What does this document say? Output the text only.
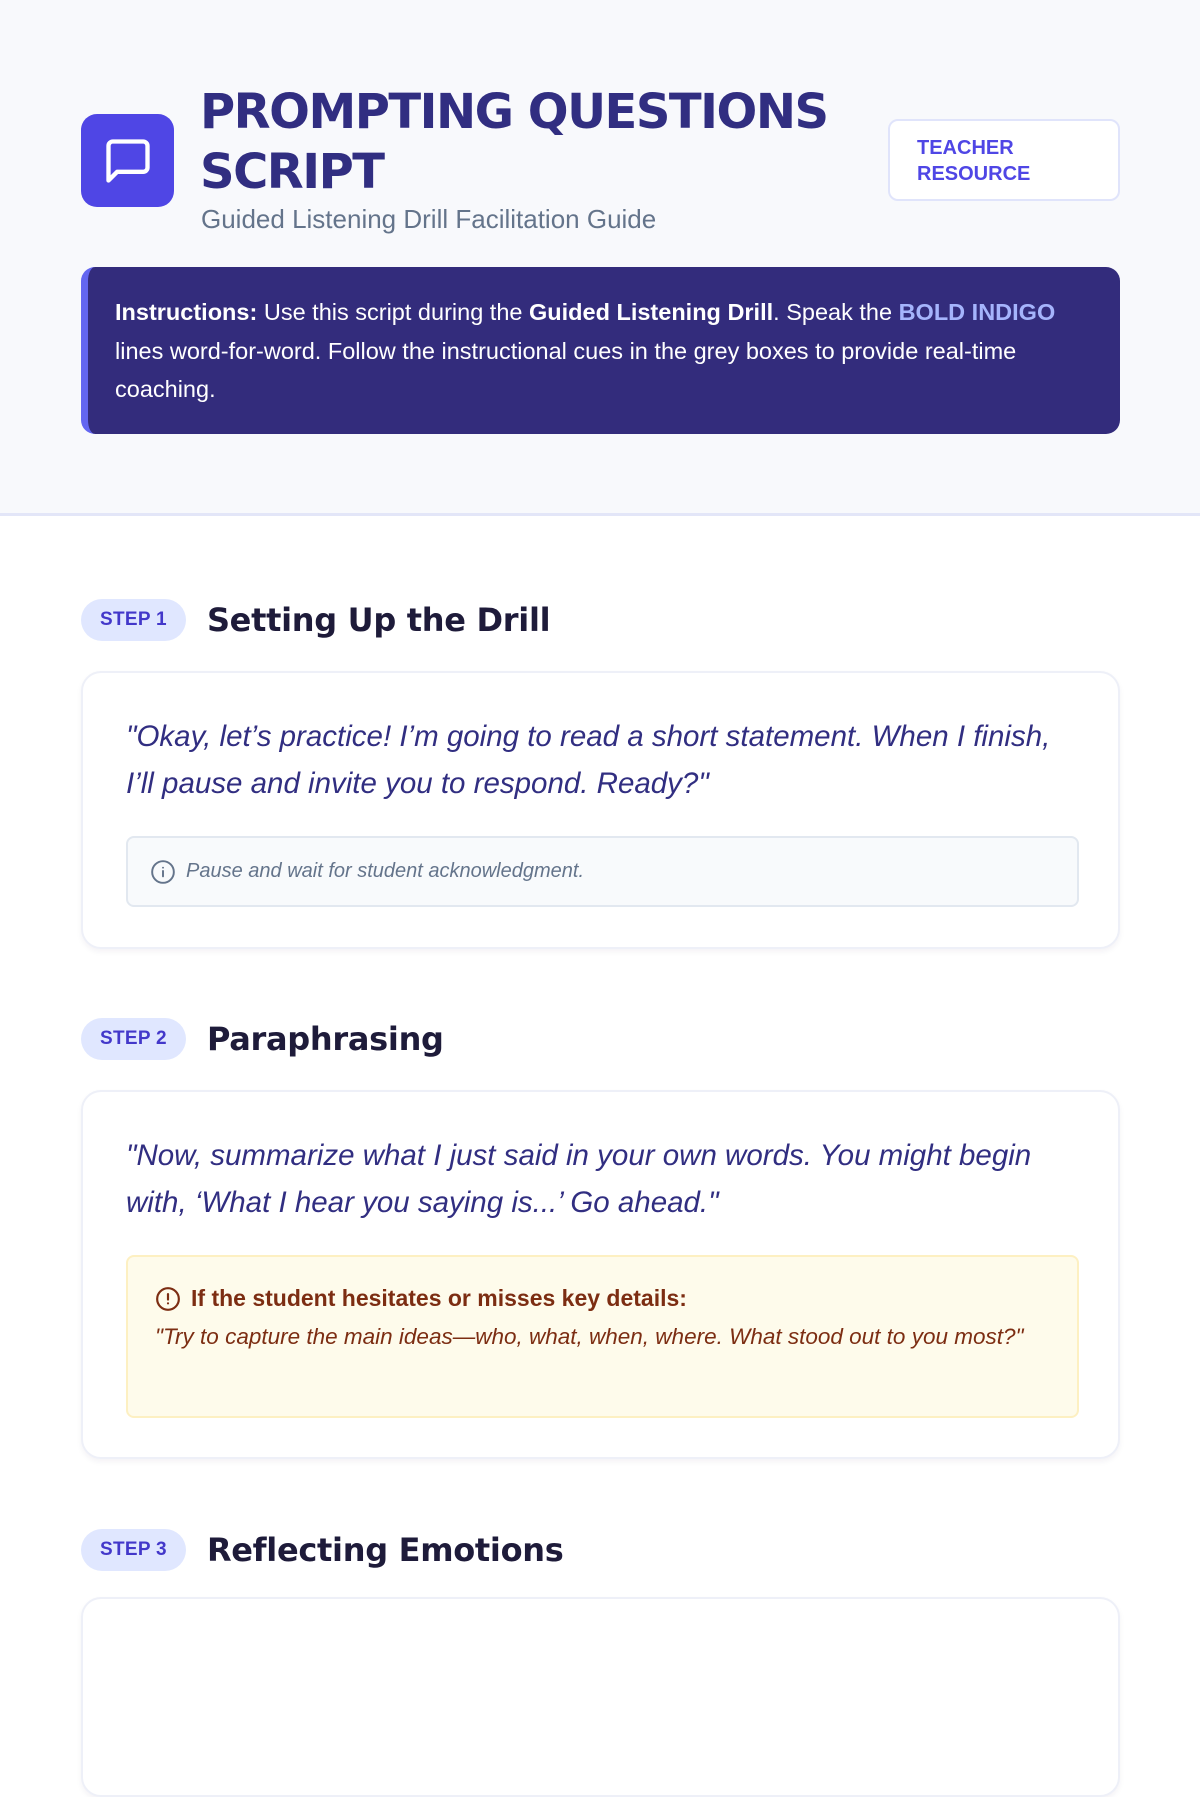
PROMPTING QUESTIONS SCRIPT
Guided Listening Drill Facilitation Guide
TEACHER RESOURCE
Instructions: Use this script during the Guided Listening Drill. Speak the BOLD INDIGO lines word-for-word. Follow the instructional cues in the grey boxes to provide real-time coaching.
STEP 1	Setting Up the Drill

"Okay, let’s practice! I’m going to read a short statement. When I finish, I’ll pause and invite you to respond. Ready?"

Pause and wait for student acknowledgment.
STEP 2	Paraphrasing

"Now, summarize what I just said in your own words. You might begin with, ‘What I hear you saying is...’ Go ahead."

If the student hesitates or misses key details:

"Try to capture the main ideas—who, what, when, where. What stood out to you most?"

STEP 3	Reflecting Emotions
